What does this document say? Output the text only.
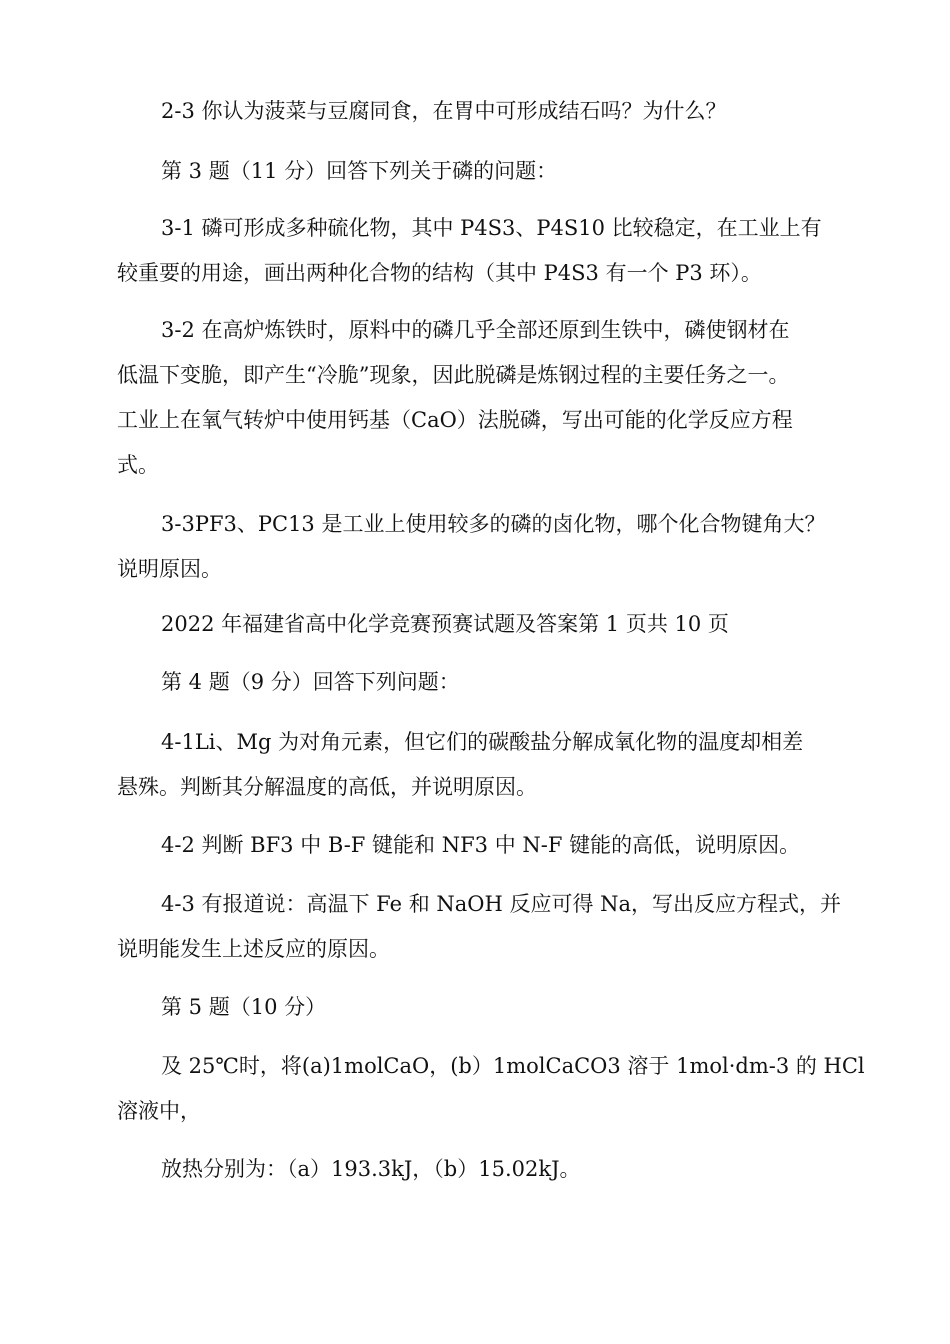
2-3 你认为菠菜与豆腐同食，在胃中可形成结石吗？为什么？
第 3 题（11 分）回答下列关于磷的问题：
3-1 磷可形成多种硫化物，其中 P4S3、P4S10 比较稳定，在工业上有
较重要的用途，画出两种化合物的结构（其中 P4S3 有一个 P3 环）。
3-2 在高炉炼铁时，原料中的磷几乎全部还原到生铁中，磷使钢材在
低温下变脆，即产生“冷脆”现象，因此脱磷是炼钢过程的主要任务之一。
工业上在氧气转炉中使用钙基（CaO）法脱磷，写出可能的化学反应方程
式。
3-3PF3、PC13 是工业上使用较多的磷的卤化物，哪个化合物键角大？
说明原因。
2022 年福建省高中化学竞赛预赛试题及答案第 1 页共 10 页
第 4 题（9 分）回答下列问题：
4-1Li、Mg 为对角元素，但它们的碳酸盐分解成氧化物的温度却相差
悬殊。判断其分解温度的高低，并说明原因。
4-2 判断 BF3 中 B-F 键能和 NF3 中 N-F 键能的高低，说明原因。
4-3 有报道说：高温下 Fe 和 NaOH 反应可得 Na，写出反应方程式，并
说明能发生上述反应的原因。
第 5 题（10 分）
及 25℃时，将(a)1molCaO，(b）1molCaCO3 溶于 1mol·dm-3 的 HCl
溶液中，
放热分别为：（a）193.3kJ，（b）15.02kJ。
